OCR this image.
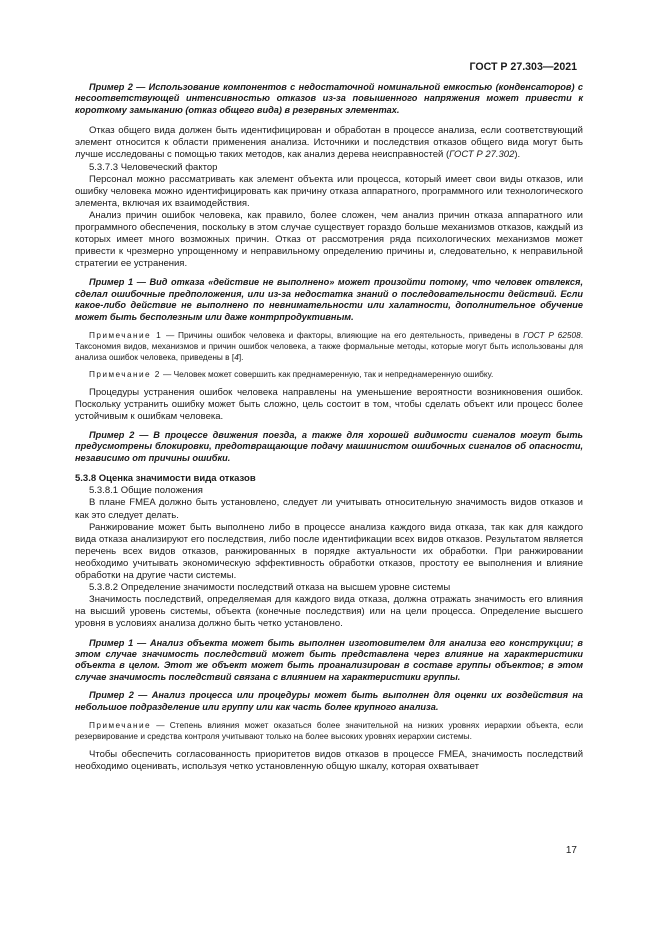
ГОСТ Р 27.303—2021

Пример 2 — Использование компонентов с недостаточной номинальной емкостью (конденсаторов) с несоответствующей интенсивностью отказов из-за повышенного напряжения может привести к короткому замыканию (отказ общего вида) в резервных элементах.

Отказ общего вида должен быть идентифицирован и обработан в процессе анализа, если соответствующий элемент относится к области применения анализа. Источники и последствия отказов общего вида могут быть лучше исследованы с помощью таких методов, как анализ дерева неисправностей (ГОСТ Р 27.302).

5.3.7.3 Человеческий фактор

Персонал можно рассматривать как элемент объекта или процесса, который имеет свои виды отказов, или ошибку человека можно идентифицировать как причину отказа аппаратного, программного или технологического элемента, включая их взаимодействия.

Анализ причин ошибок человека, как правило, более сложен, чем анализ причин отказа аппаратного или программного обеспечения, поскольку в этом случае существует гораздо больше механизмов отказов, каждый из которых имеет много возможных причин. Отказ от рассмотрения ряда психологических механизмов может привести к чрезмерно упрощенному и неправильному определению причины и, следовательно, к неправильной стратегии ее устранения.

Пример 1 — Вид отказа «действие не выполнено» может произойти потому, что человек отвлекся, сделал ошибочные предположения, или из-за недостатка знаний о последовательности действий. Если какое-либо действие не выполнено по невнимательности или халатности, дополнительное обучение может быть бесполезным или даже контрпродуктивным.

Примечание 1 — Причины ошибок человека и факторы, влияющие на его деятельность, приведены в ГОСТ Р 62508. Таксономия видов, механизмов и причин ошибок человека, а также формальные методы, которые могут быть использованы для анализа ошибок человека, приведены в [4].

Примечание 2 — Человек может совершить как преднамеренную, так и непреднамеренную ошибку.

Процедуры устранения ошибок человека направлены на уменьшение вероятности возникновения ошибок. Поскольку устранить ошибку может быть сложно, цель состоит в том, чтобы сделать объект или процесс более устойчивым к ошибкам человека.

Пример 2 — В процессе движения поезда, а также для хорошей видимости сигналов могут быть предусмотрены блокировки, предотвращающие подачу машинистом ошибочных сигналов об опасности, независимо от причины ошибки.

5.3.8 Оценка значимости вида отказов

5.3.8.1 Общие положения

В плане FMEA должно быть установлено, следует ли учитывать относительную значимость видов отказов и как это следует делать.

Ранжирование может быть выполнено либо в процессе анализа каждого вида отказа, так как для каждого вида отказа анализируют его последствия, либо после идентификации всех видов отказов. Результатом является перечень всех видов отказов, ранжированных в порядке актуальности их обработки. При ранжировании необходимо учитывать экономическую эффективность обработки отказов, простоту ее выполнения и влияние обработки на другие части системы.

5.3.8.2 Определение значимости последствий отказа на высшем уровне системы

Значимость последствий, определяемая для каждого вида отказа, должна отражать значимость его влияния на высший уровень системы, объекта (конечные последствия) или на цели процесса. Определение высшего уровня в условиях анализа должно быть четко установлено.

Пример 1 — Анализ объекта может быть выполнен изготовителем для анализа его конструкции; в этом случае значимость последствий может быть представлена через влияние на характеристики объекта в целом. Этот же объект может быть проанализирован в составе группы объектов; в этом случае значимость последствий связана с влиянием на характеристики группы.

Пример 2 — Анализ процесса или процедуры может быть выполнен для оценки их воздействия на небольшое подразделение или группу или как часть более крупного анализа.

Примечание — Степень влияния может оказаться более значительной на низких уровнях иерархии объекта, если резервирование и средства контроля учитывают только на более высоких уровнях иерархии системы.

Чтобы обеспечить согласованность приоритетов видов отказов в процессе FMEA, значимость последствий необходимо оценивать, используя четко установленную общую шкалу, которая охватывает

17
